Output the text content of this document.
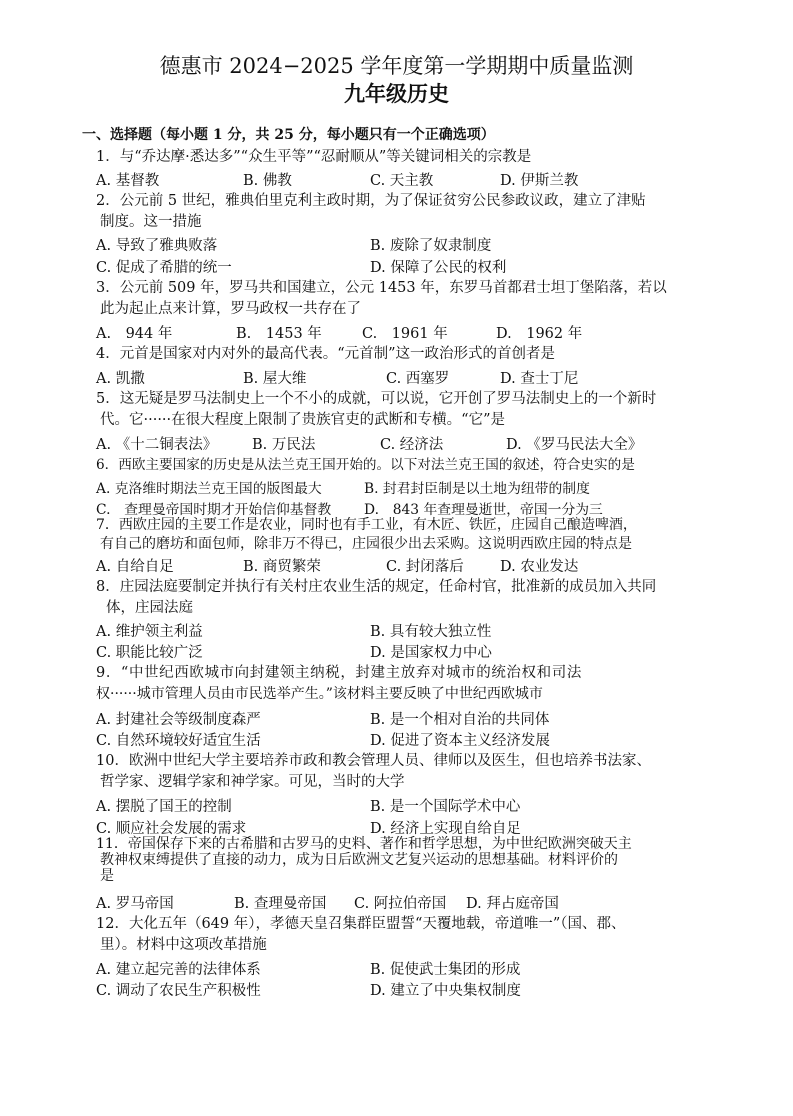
德惠市 2024−2025 学年度第一学期期中质量监测
九年级历史
一、选择题（每小题 1 分，共 25 分，每小题只有一个正确选项）
1．与“乔达摩·悉达多”“众生平等”“忍耐顺从”等关键词相关的宗教是
A. 基督教	B. 佛教	C. 天主教	D. 伊斯兰教
2．公元前 5 世纪，雅典伯里克利主政时期，为了保证贫穷公民参政议政，建立了津贴
制度。这一措施
A. 导致了雅典败落	B. 废除了奴隶制度
C. 促成了希腊的统一	D. 保障了公民的权利
3．公元前 509 年，罗马共和国建立，公元 1453 年，东罗马首都君士坦丁堡陷落，若以
此为起止点来计算，罗马政权一共存在了
A.　944 年	B.　1453 年	C.　1961 年	D.　1962 年
4．元首是国家对内对外的最高代表。“元首制”这一政治形式的首创者是
A. 凯撒	B. 屋大维	C. 西塞罗	D. 查士丁尼
5．这无疑是罗马法制史上一个不小的成就，可以说，它开创了罗马法制史上的一个新时
代。它······在很大程度上限制了贵族官吏的武断和专横。“它”是
A. 《十二铜表法》 B. 万民法	C. 经济法	D. 《罗马民法大全》
6．西欧主要国家的历史是从法兰克王国开始的。以下对法兰克王国的叙述，符合史实的是
A. 克洛维时期法兰克王国的版图最大	B. 封君封臣制是以土地为纽带的制度
C.　查理曼帝国时期才开始信仰基督教 D.　843 年查理曼逝世，帝国一分为三
7．西欧庄园的主要工作是农业，同时也有手工业，有木匠、铁匠，庄园自己酿造啤酒，
有自己的磨坊和面包师，除非万不得已，庄园很少出去采购。这说明西欧庄园的特点是
A. 自给自足	B. 商贸繁荣	C. 封闭落后 D. 农业发达
8．庄园法庭要制定并执行有关村庄农业生活的规定，任命村官，批准新的成员加入共同
体，庄园法庭
A. 维护领主利益	B. 具有较大独立性
C. 职能比较广泛	D. 是国家权力中心
9．“中世纪西欧城市向封建领主纳税，封建主放弃对城市的统治权和司法
权······城市管理人员由市民选举产生。”该材料主要反映了中世纪西欧城市
A. 封建社会等级制度森严	B. 是一个相对自治的共同体
C. 自然环境较好适宜生活	D. 促进了资本主义经济发展
10．欧洲中世纪大学主要培养市政和教会管理人员、律师以及医生，但也培养书法家、
哲学家、逻辑学家和神学家。可见，当时的大学
A. 摆脱了国王的控制	B. 是一个国际学术中心
C. 顺应社会发展的需求	D. 经济上实现自给自足
11．帝国保存下来的古希腊和古罗马的史料、著作和哲学思想，为中世纪欧洲突破天主
教神权束缚提供了直接的动力，成为日后欧洲文艺复兴运动的思想基础。材料评价的
是
A. 罗马帝国	B. 查理曼帝国 C. 阿拉伯帝国 D. 拜占庭帝国
12．大化五年（649 年），孝德天皇召集群臣盟誓“天覆地载，帝道唯一”（国、郡、
里）。材料中这项改革措施
A. 建立起完善的法律体系	B. 促使武士集团的形成
C. 调动了农民生产积极性	D. 建立了中央集权制度
